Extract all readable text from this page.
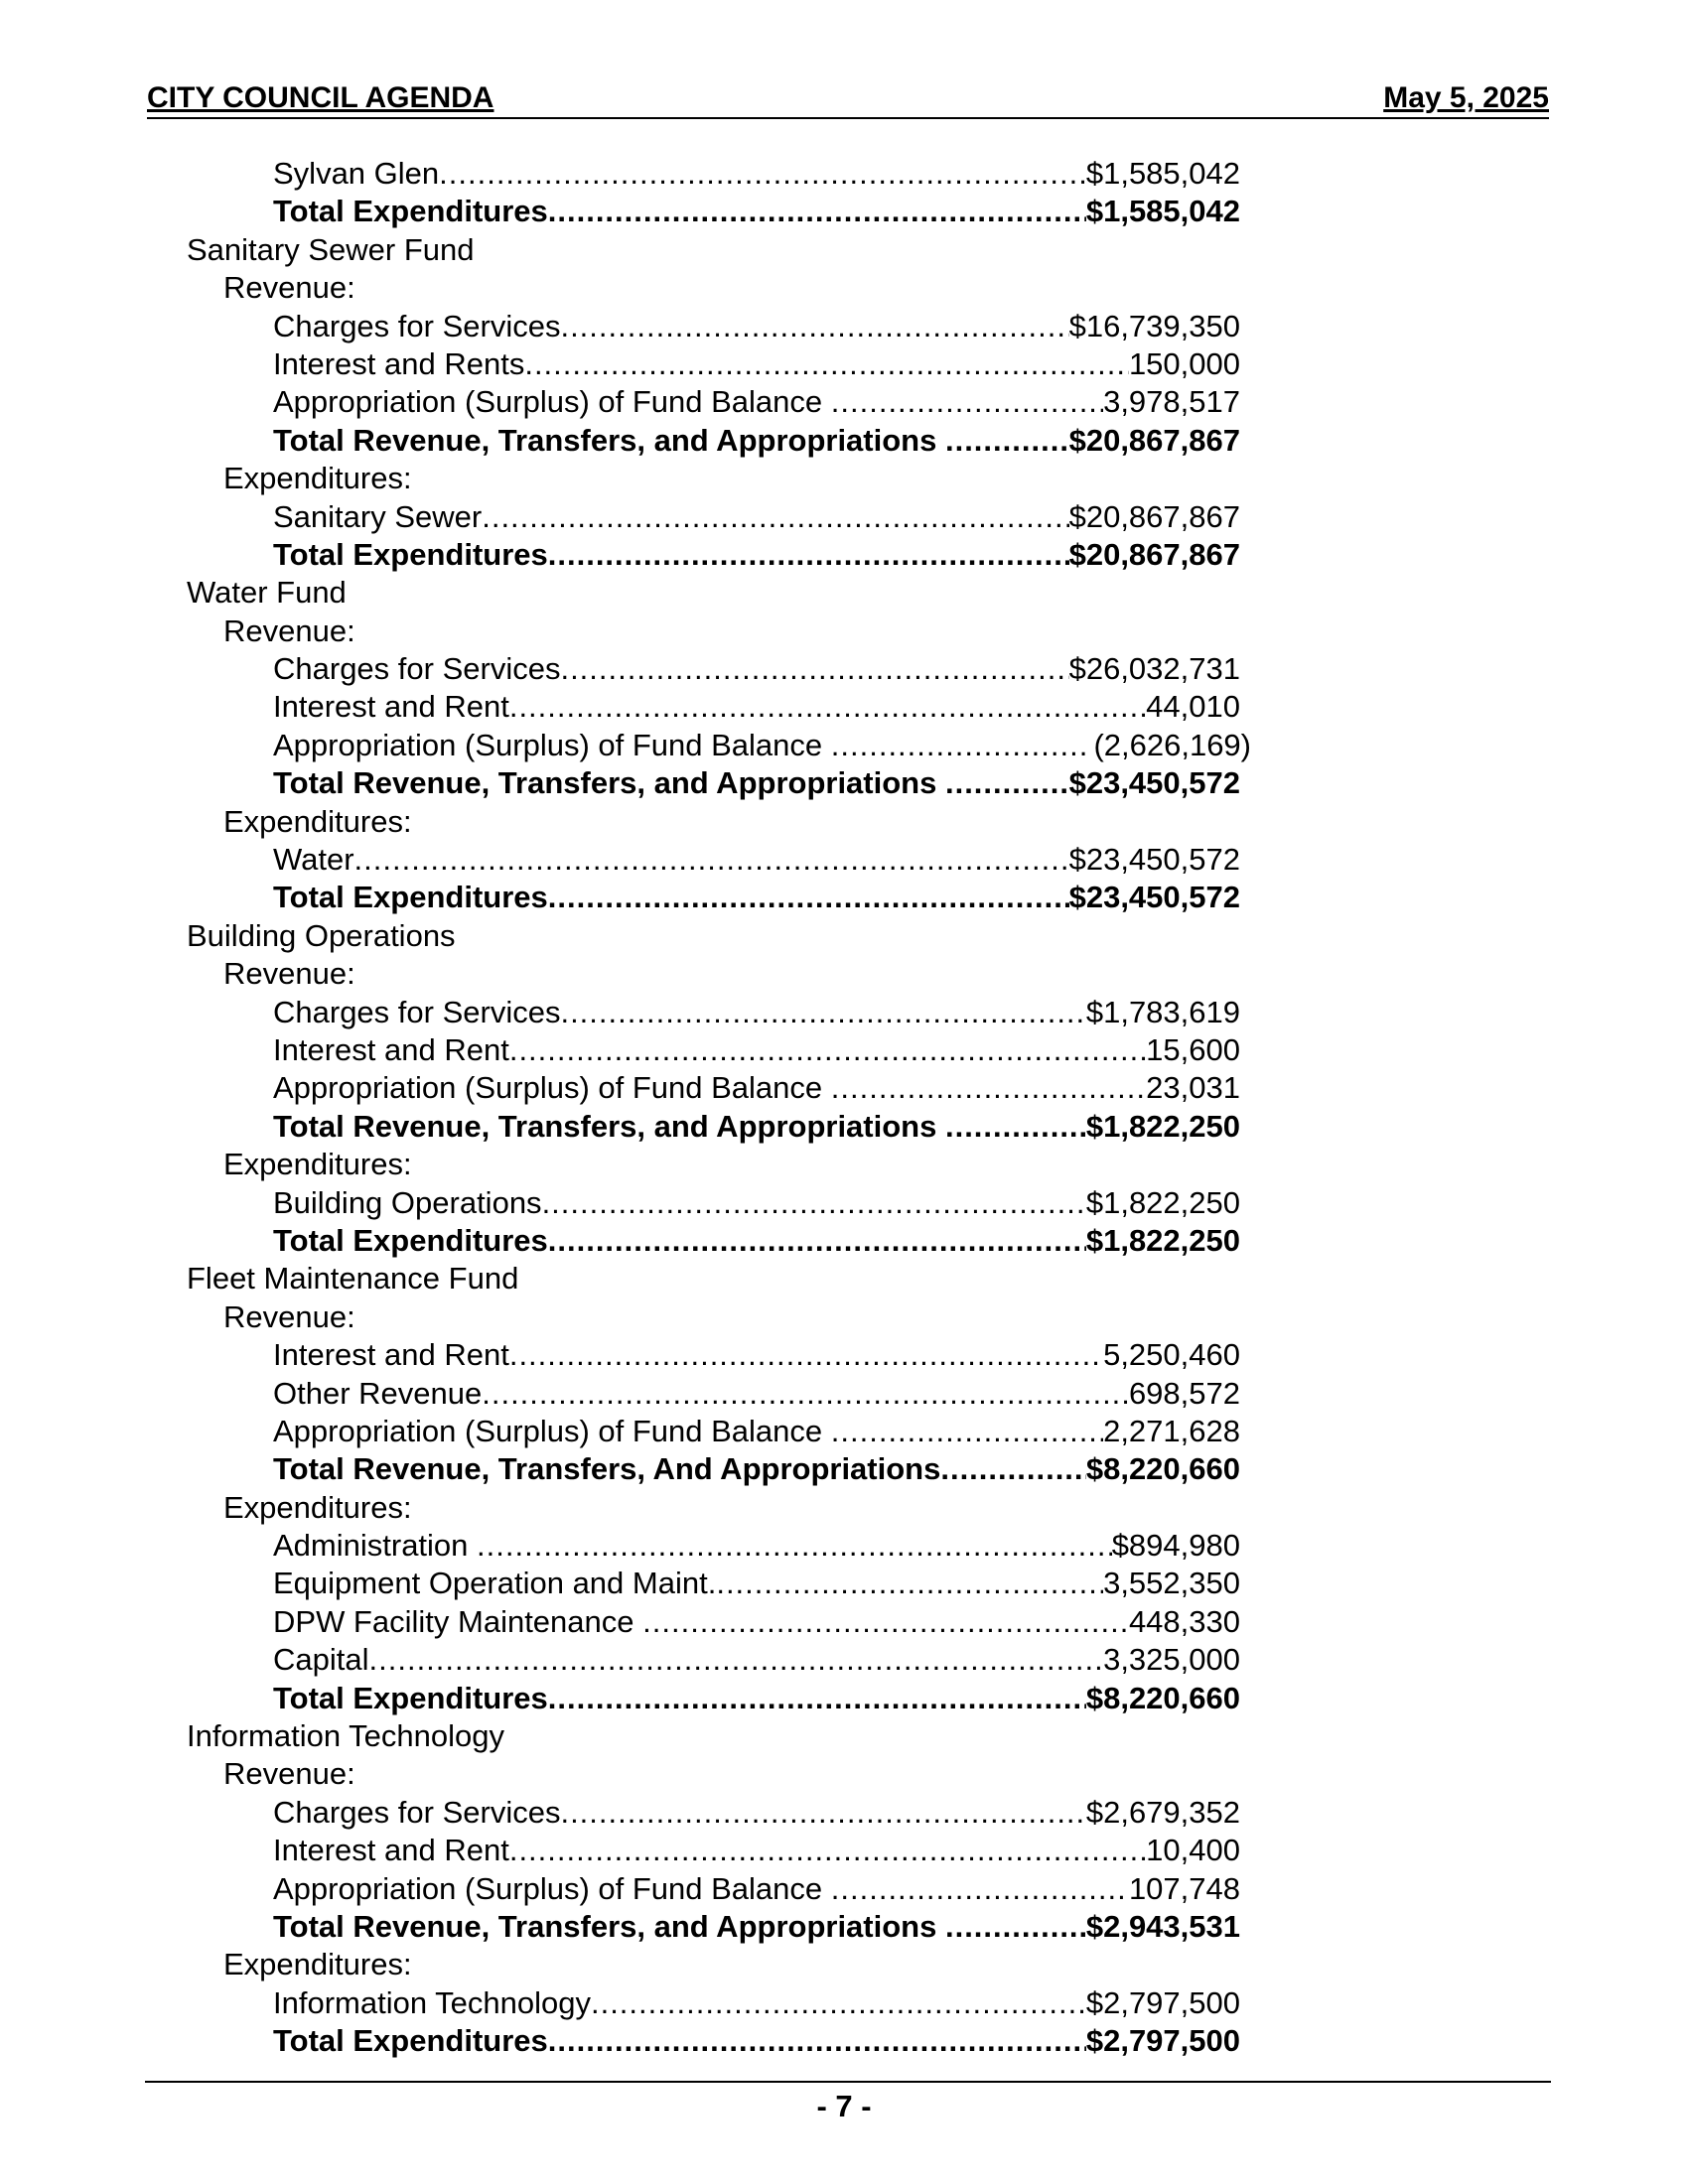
CITY COUNCIL AGENDA	May 5, 2025
Sylvan Glen .....	$1,585,042
Total Expenditures .....	$1,585,042
Sanitary Sewer Fund
Revenue:
Charges for Services .....	$16,739,350
Interest and Rents .....	150,000
Appropriation (Surplus) of Fund Balance .....	3,978,517
Total Revenue, Transfers, and Appropriations .....	$20,867,867
Expenditures:
Sanitary Sewer .....	$20,867,867
Total Expenditures .....	$20,867,867
Water Fund
Revenue:
Charges for Services .....	$26,032,731
Interest and Rent .....	44,010
Appropriation (Surplus) of Fund Balance .....	(2,626,169)
Total Revenue, Transfers, and Appropriations .....	$23,450,572
Expenditures:
Water .....	$23,450,572
Total Expenditures .....	$23,450,572
Building Operations
Revenue:
Charges for Services .....	$1,783,619
Interest and Rent .....	15,600
Appropriation (Surplus) of Fund Balance .....	23,031
Total Revenue, Transfers, and Appropriations .....	$1,822,250
Expenditures:
Building Operations .....	$1,822,250
Total Expenditures .....	$1,822,250
Fleet Maintenance Fund
Revenue:
Interest and Rent .....	5,250,460
Other Revenue .....	698,572
Appropriation (Surplus) of Fund Balance .....	2,271,628
Total Revenue, Transfers, And Appropriations .....	$8,220,660
Expenditures:
Administration .....	$894,980
Equipment Operation and Maint. .....	3,552,350
DPW Facility Maintenance .....	448,330
Capital .....	3,325,000
Total Expenditures .....	$8,220,660
Information Technology
Revenue:
Charges for Services .....	$2,679,352
Interest and Rent .....	10,400
Appropriation (Surplus) of Fund Balance .....	107,748
Total Revenue, Transfers, and Appropriations .....	$2,943,531
Expenditures:
Information Technology .....	$2,797,500
Total Expenditures .....	$2,797,500
- 7 -
